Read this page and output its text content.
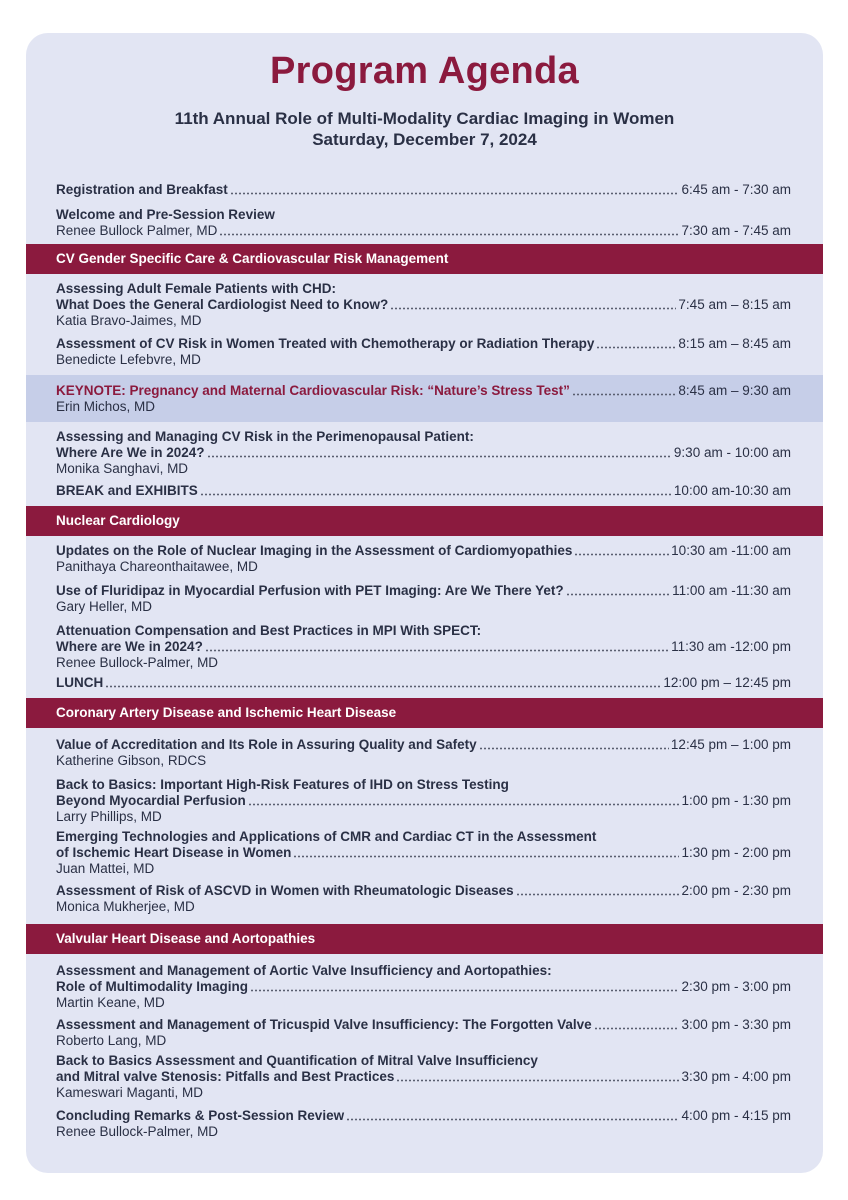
Program Agenda
11th Annual Role of Multi-Modality Cardiac Imaging in Women
Saturday, December 7, 2024
CV Gender Specific Care & Cardiovascular Risk Management
Nuclear Cardiology
Coronary Artery Disease and Ischemic Heart Disease
Valvular Heart Disease and Aortopathies
Registration and Breakfast	6:45 am - 7:30 am
Welcome and Pre-Session Review
Renee Bullock Palmer, MD	7:30 am - 7:45 am
Assessing Adult Female Patients with CHD:
What Does the General Cardiologist Need to Know?	7:45 am – 8:15 am
Katia Bravo-Jaimes, MD
Assessment of CV Risk in Women Treated with Chemotherapy or Radiation Therapy	8:15 am – 8:45 am
Benedicte Lefebvre, MD
KEYNOTE: Pregnancy and Maternal Cardiovascular Risk: “Nature’s Stress Test”	8:45 am – 9:30 am
Erin Michos, MD
Assessing and Managing CV Risk in the Perimenopausal Patient:
Where Are We in 2024?	9:30 am - 10:00 am
Monika Sanghavi, MD
BREAK and EXHIBITS	10:00 am-10:30 am
Updates on the Role of Nuclear Imaging in the Assessment of Cardiomyopathies	10:30 am -11:00 am
Panithaya Chareonthaitawee, MD
Use of Fluridipaz in Myocardial Perfusion with PET Imaging: Are We There Yet?	11:00 am -11:30 am
Gary Heller, MD
Attenuation Compensation and Best Practices in MPI With SPECT:
Where are We in 2024?	11:30 am -12:00 pm
Renee Bullock-Palmer, MD
LUNCH	12:00 pm – 12:45 pm
Value of Accreditation and Its Role in Assuring Quality and Safety	12:45 pm – 1:00 pm
Katherine Gibson, RDCS
Back to Basics: Important High-Risk Features of IHD on Stress Testing
Beyond Myocardial Perfusion	1:00 pm - 1:30 pm
Larry Phillips, MD
Emerging Technologies and Applications of CMR and Cardiac CT in the Assessment
of Ischemic Heart Disease in Women	1:30 pm - 2:00 pm
Juan Mattei, MD
Assessment of Risk of ASCVD in Women with Rheumatologic Diseases	2:00 pm - 2:30 pm
Monica Mukherjee, MD
Assessment and Management of Aortic Valve Insufficiency and Aortopathies:
Role of Multimodality Imaging	2:30 pm - 3:00 pm
Martin Keane, MD
Assessment and Management of Tricuspid Valve Insufficiency: The Forgotten Valve	3:00 pm - 3:30 pm
Roberto Lang, MD
Back to Basics Assessment and Quantification of Mitral Valve Insufficiency
and Mitral valve Stenosis: Pitfalls and Best Practices	3:30 pm - 4:00 pm
Kameswari Maganti, MD
Concluding Remarks & Post-Session Review	4:00 pm - 4:15 pm
Renee Bullock-Palmer, MD
